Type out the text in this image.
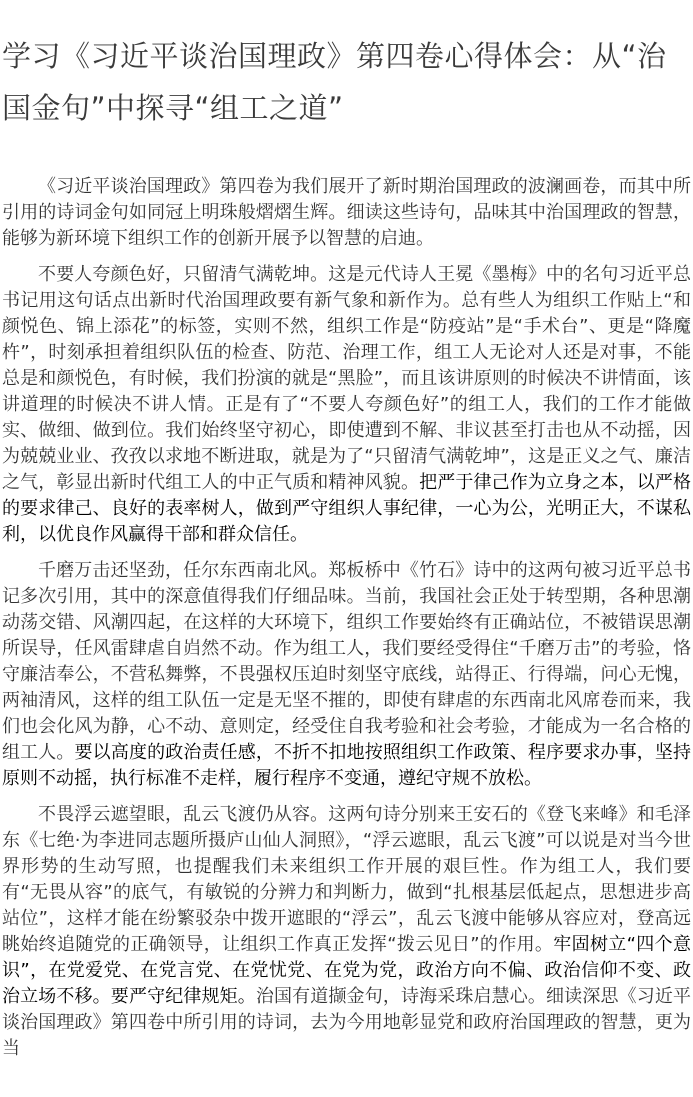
学习《习近平谈治国理政》第四卷心得体会：从“治国金句”中探寻“组工之道”

《习近平谈治国理政》第四卷为我们展开了新时期治国理政的波澜画卷，而其中所引用的诗词金句如同冠上明珠般熠熠生辉。细读这些诗句，品味其中治国理政的智慧，能够为新环境下组织工作的创新开展予以智慧的启迪。

不要人夸颜色好，只留清气满乾坤。这是元代诗人王冕《墨梅》中的名句习近平总书记用这句话点出新时代治国理政要有新气象和新作为。总有些人为组织工作贴上“和颜悦色、锦上添花”的标签，实则不然，组织工作是“防疫站”是“手术台”、更是“降魔杵”，时刻承担着组织队伍的检查、防范、治理工作，组工人无论对人还是对事，不能总是和颜悦色，有时候，我们扮演的就是“黑脸”，而且该讲原则的时候决不讲情面，该讲道理的时候决不讲人情。正是有了“不要人夸颜色好”的组工人，我们的工作才能做实、做细、做到位。我们始终坚守初心，即使遭到不解、非议甚至打击也从不动摇，因为兢兢业业、孜孜以求地不断进取，就是为了“只留清气满乾坤”，这是正义之气、廉洁之气，彰显出新时代组工人的中正气质和精神风貌。把严于律己作为立身之本，以严格的要求律己、良好的表率树人，做到严守组织人事纪律，一心为公，光明正大，不谋私利，以优良作风赢得干部和群众信任。

千磨万击还坚劲，任尔东西南北风。郑板桥中《竹石》诗中的这两句被习近平总书记多次引用，其中的深意值得我们仔细品味。当前，我国社会正处于转型期，各种思潮动荡交错、风潮四起，在这样的大环境下，组织工作要始终有正确站位，不被错误思潮所误导，任风雷肆虐自岿然不动。作为组工人，我们要经受得住“千磨万击”的考验，恪守廉洁奉公，不营私舞弊，不畏强权压迫时刻坚守底线，站得正、行得端，问心无愧，两袖清风，这样的组工队伍一定是无坚不摧的，即使有肆虐的东西南北风席卷而来，我们也会化风为静，心不动、意则定，经受住自我考验和社会考验，才能成为一名合格的组工人。要以高度的政治责任感，不折不扣地按照组织工作政策、程序要求办事，坚持原则不动摇，执行标准不走样，履行程序不变通，遵纪守规不放松。

不畏浮云遮望眼，乱云飞渡仍从容。这两句诗分别来王安石的《登飞来峰》和毛泽东《七绝·为李进同志题所摄庐山仙人洞照》，“浮云遮眼，乱云飞渡”可以说是对当今世界形势的生动写照，也提醒我们未来组织工作开展的艰巨性。作为组工人，我们要有“无畏从容”的底气，有敏锐的分辨力和判断力，做到“扎根基层低起点，思想进步高站位”，这样才能在纷繁驳杂中拨开遮眼的“浮云”，乱云飞渡中能够从容应对，登高远眺始终追随党的正确领导，让组织工作真正发挥“拨云见日”的作用。牢固树立“四个意识”，在党爱党、在党言党、在党忧党、在党为党，政治方向不偏、政治信仰不变、政治立场不移。要严守纪律规矩。治国有道撷金句，诗海采珠启慧心。细读深思《习近平谈治国理政》第四卷中所引用的诗词，去为今用地彰显党和政府治国理政的智慧，更为当
